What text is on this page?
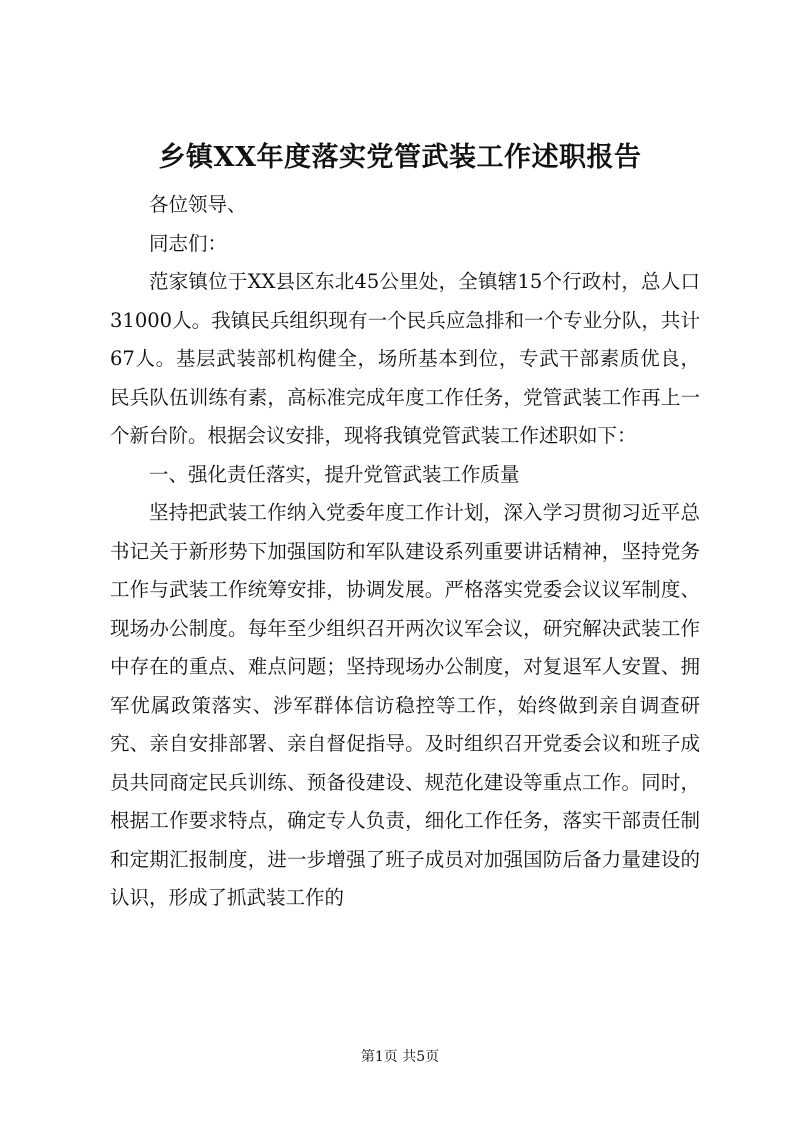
乡镇XX年度落实党管武装工作述职报告

各位领导、

同志们：

范家镇位于XX县区东北45公里处，全镇辖15个行政村，总人口31000人。我镇民兵组织现有一个民兵应急排和一个专业分队，共计67人。基层武装部机构健全，场所基本到位，专武干部素质优良，民兵队伍训练有素，高标准完成年度工作任务，党管武装工作再上一个新台阶。根据会议安排，现将我镇党管武装工作述职如下：

一、强化责任落实，提升党管武装工作质量

坚持把武装工作纳入党委年度工作计划，深入学习贯彻习近平总书记关于新形势下加强国防和军队建设系列重要讲话精神，坚持党务工作与武装工作统筹安排，协调发展。严格落实党委会议议军制度、现场办公制度。每年至少组织召开两次议军会议，研究解决武装工作中存在的重点、难点问题；坚持现场办公制度，对复退军人安置、拥军优属政策落实、涉军群体信访稳控等工作，始终做到亲自调查研究、亲自安排部署、亲自督促指导。及时组织召开党委会议和班子成员共同商定民兵训练、预备役建设、规范化建设等重点工作。同时，根据工作要求特点，确定专人负责，细化工作任务，落实干部责任制和定期汇报制度，进一步增强了班子成员对加强国防后备力量建设的认识，形成了抓武装工作的

第1页 共5页
